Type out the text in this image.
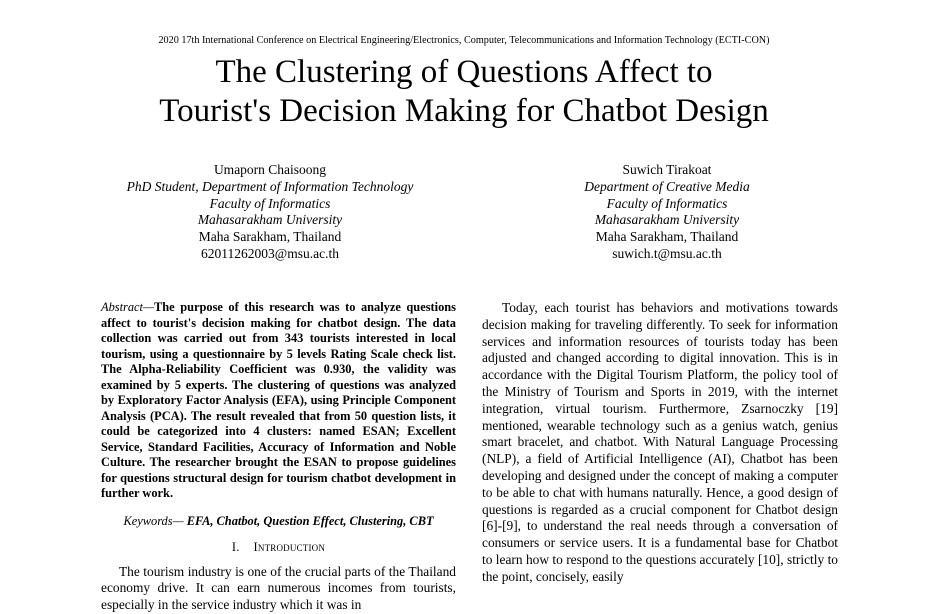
2020 17th International Conference on Electrical Engineering/Electronics, Computer, Telecommunications and Information Technology (ECTI-CON)
The Clustering of Questions Affect to
Tourist's Decision Making for Chatbot Design
Umaporn Chaisoong
PhD Student, Department of Information Technology
Faculty of Informatics
Mahasarakham University
Maha Sarakham, Thailand
62011262003@msu.ac.th
Suwich Tirakoat
Department of Creative Media
Faculty of Informatics
Mahasarakham University
Maha Sarakham, Thailand
suwich.t@msu.ac.th
Abstract—The purpose of this research was to analyze questions affect to tourist's decision making for chatbot design. The data collection was carried out from 343 tourists interested in local tourism, using a questionnaire by 5 levels Rating Scale check list. The Alpha-Reliability Coefficient was 0.930, the validity was examined by 5 experts. The clustering of questions was analyzed by Exploratory Factor Analysis (EFA), using Principle Component Analysis (PCA). The result revealed that from 50 question lists, it could be categorized into 4 clusters: named ESAN; Excellent Service, Standard Facilities, Accuracy of Information and Noble Culture. The researcher brought the ESAN to propose guidelines for questions structural design for tourism chatbot development in further work.
Keywords— EFA, Chatbot, Question Effect, Clustering, CBT
I. Introduction
The tourism industry is one of the crucial parts of the Thailand economy drive. It can earn numerous incomes from tourists, especially in the service industry which it was in
Today, each tourist has behaviors and motivations towards decision making for traveling differently. To seek for information services and information resources of tourists today has been adjusted and changed according to digital innovation. This is in accordance with the Digital Tourism Platform, the policy tool of the Ministry of Tourism and Sports in 2019, with the internet integration, virtual tourism. Furthermore, Zsarnoczky [19] mentioned, wearable technology such as a genius watch, genius smart bracelet, and chatbot. With Natural Language Processing (NLP), a field of Artificial Intelligence (AI), Chatbot has been developing and designed under the concept of making a computer to be able to chat with humans naturally. Hence, a good design of questions is regarded as a crucial component for Chatbot design [6]-[9], to understand the real needs through a conversation of consumers or service users. It is a fundamental base for Chatbot to learn how to respond to the questions accurately [10], strictly to the point, concisely, easily
